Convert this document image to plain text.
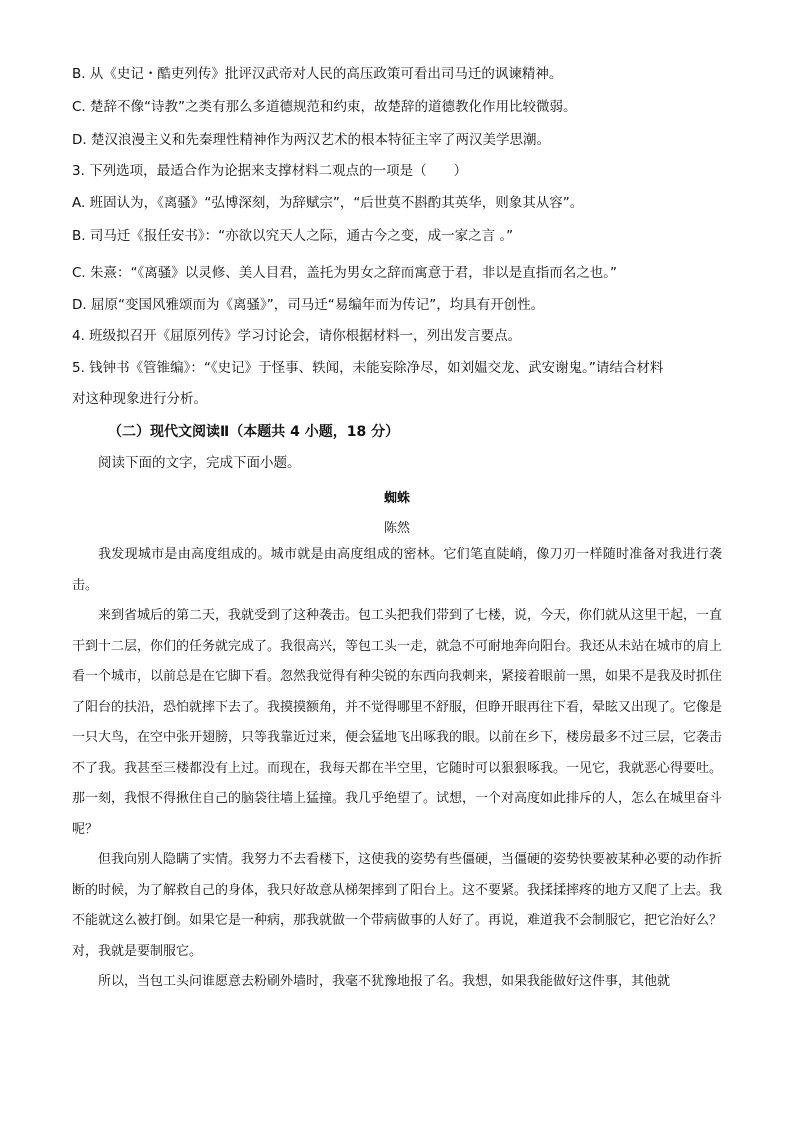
B. 从《史记・酷吏列传》批评汉武帝对人民的高压政策可看出司马迁的讽谏精神。
C. 楚辞不像“诗教”之类有那么多道德规范和约束，故楚辞的道德教化作用比较微弱。
D. 楚汉浪漫主义和先秦理性精神作为两汉艺术的根本特征主宰了两汉美学思潮。
3. 下列选项，最适合作为论据来支撑材料二观点的一项是（　　）
A. 班固认为，《离骚》“弘博深刻，为辞赋宗”，“后世莫不斟酌其英华，则象其从容”。
B. 司马迁《报任安书》：“亦欲以究天人之际，通古今之变，成一家之言 。”
C. 朱熹：“《离骚》以灵修、美人目君，盖托为男女之辞而寓意于君，非以是直指而名之也。”
D. 屈原“变国风雅颂而为《离骚》”，司马迁“易编年而为传记”，均具有开创性。
4. 班级拟召开《屈原列传》学习讨论会，请你根据材料一，列出发言要点。
5. 钱钟书《管锥编》：“《史记》于怪事、轶闻，未能妄除净尽，如刘媪交龙、武安谢鬼。”请结合材料
对这种现象进行分析。
（二）现代文阅读Ⅱ（本题共 4 小题，18 分）
阅读下面的文字，完成下面小题。
蜘蛛
陈然
我发现城市是由高度组成的。城市就是由高度组成的密林。它们笔直陡峭，像刀刃一样随时准备对我进行袭击。
来到省城后的第二天，我就受到了这种袭击。包工头把我们带到了七楼，说，今天，你们就从这里干起，一直干到十二层，你们的任务就完成了。我很高兴，等包工头一走，就急不可耐地奔向阳台。我还从未站在城市的肩上看一个城市，以前总是在它脚下看。忽然我觉得有种尖锐的东西向我刺来，紧接着眼前一黑，如果不是我及时抓住了阳台的扶沿，恐怕就摔下去了。我摸摸额角，并不觉得哪里不舒服，但睁开眼再往下看，晕眩又出现了。它像是一只大鸟，在空中张开翅膀，只等我靠近过来，便会猛地飞出啄我的眼。以前在乡下，楼房最多不过三层，它袭击不了我。我甚至三楼都没有上过。而现在，我每天都在半空里，它随时可以狠狠啄我。一见它，我就恶心得要吐。那一刻，我恨不得揪住自己的脑袋往墙上猛撞。我几乎绝望了。试想，一个对高度如此排斥的人，怎么在城里奋斗呢？
但我向别人隐瞒了实情。我努力不去看楼下，这使我的姿势有些僵硬，当僵硬的姿势快要被某种必要的动作折断的时候，为了解救自己的身体，我只好故意从梯架摔到了阳台上。这不要紧。我揉揉摔疼的地方又爬了上去。我不能就这么被打倒。如果它是一种病，那我就做一个带病做事的人好了。再说，难道我不会制服它，把它治好么？对，我就是要制服它。
所以，当包工头问谁愿意去粉刷外墙时，我毫不犹豫地报了名。我想，如果我能做好这件事，其他就
